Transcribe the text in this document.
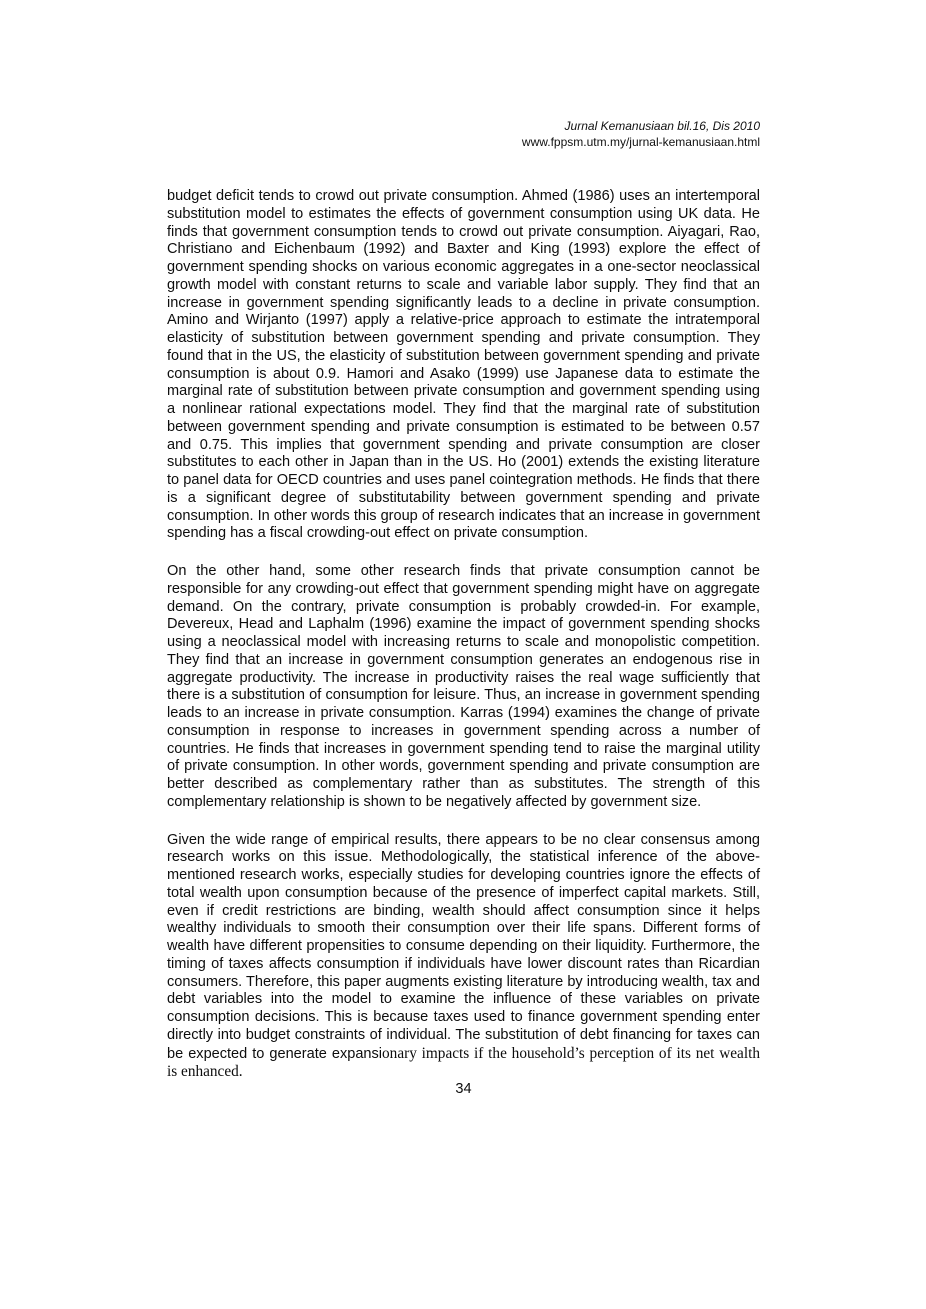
Jurnal Kemanusiaan bil.16, Dis 2010
www.fppsm.utm.my/jurnal-kemanusiaan.html

budget deficit tends to crowd out private consumption. Ahmed (1986) uses an intertemporal substitution model to estimates the effects of government consumption using UK data. He finds that government consumption tends to crowd out private consumption. Aiyagari, Rao, Christiano and Eichenbaum (1992) and Baxter and King (1993) explore the effect of government spending shocks on various economic aggregates in a one-sector neoclassical growth model with constant returns to scale and variable labor supply. They find that an increase in government spending significantly leads to a decline in private consumption. Amino and Wirjanto (1997) apply a relative-price approach to estimate the intratemporal elasticity of substitution between government spending and private consumption. They found that in the US, the elasticity of substitution between government spending and private consumption is about 0.9. Hamori and Asako (1999) use Japanese data to estimate the marginal rate of substitution between private consumption and government spending using a nonlinear rational expectations model. They find that the marginal rate of substitution between government spending and private consumption is estimated to be between 0.57 and 0.75. This implies that government spending and private consumption are closer substitutes to each other in Japan than in the US. Ho (2001) extends the existing literature to panel data for OECD countries and uses panel cointegration methods. He finds that there is a significant degree of substitutability between government spending and private consumption. In other words this group of research indicates that an increase in government spending has a fiscal crowding-out effect on private consumption.

On the other hand, some other research finds that private consumption cannot be responsible for any crowding-out effect that government spending might have on aggregate demand. On the contrary, private consumption is probably crowded-in. For example, Devereux, Head and Laphalm (1996) examine the impact of government spending shocks using a neoclassical model with increasing returns to scale and monopolistic competition. They find that an increase in government consumption generates an endogenous rise in aggregate productivity. The increase in productivity raises the real wage sufficiently that there is a substitution of consumption for leisure. Thus, an increase in government spending leads to an increase in private consumption. Karras (1994) examines the change of private consumption in response to increases in government spending across a number of countries. He finds that increases in government spending tend to raise the marginal utility of private consumption. In other words, government spending and private consumption are better described as complementary rather than as substitutes. The strength of this complementary relationship is shown to be negatively affected by government size.

Given the wide range of empirical results, there appears to be no clear consensus among research works on this issue. Methodologically, the statistical inference of the above-mentioned research works, especially studies for developing countries ignore the effects of total wealth upon consumption because of the presence of imperfect capital markets. Still, even if credit restrictions are binding, wealth should affect consumption since it helps wealthy individuals to smooth their consumption over their life spans. Different forms of wealth have different propensities to consume depending on their liquidity. Furthermore, the timing of taxes affects consumption if individuals have lower discount rates than Ricardian consumers. Therefore, this paper augments existing literature by introducing wealth, tax and debt variables into the model to examine the influence of these variables on private consumption decisions. This is because taxes used to finance government spending enter directly into budget constraints of individual. The substitution of debt financing for taxes can be expected to generate expansionary impacts if the household’s perception of its net wealth is enhanced.

34
